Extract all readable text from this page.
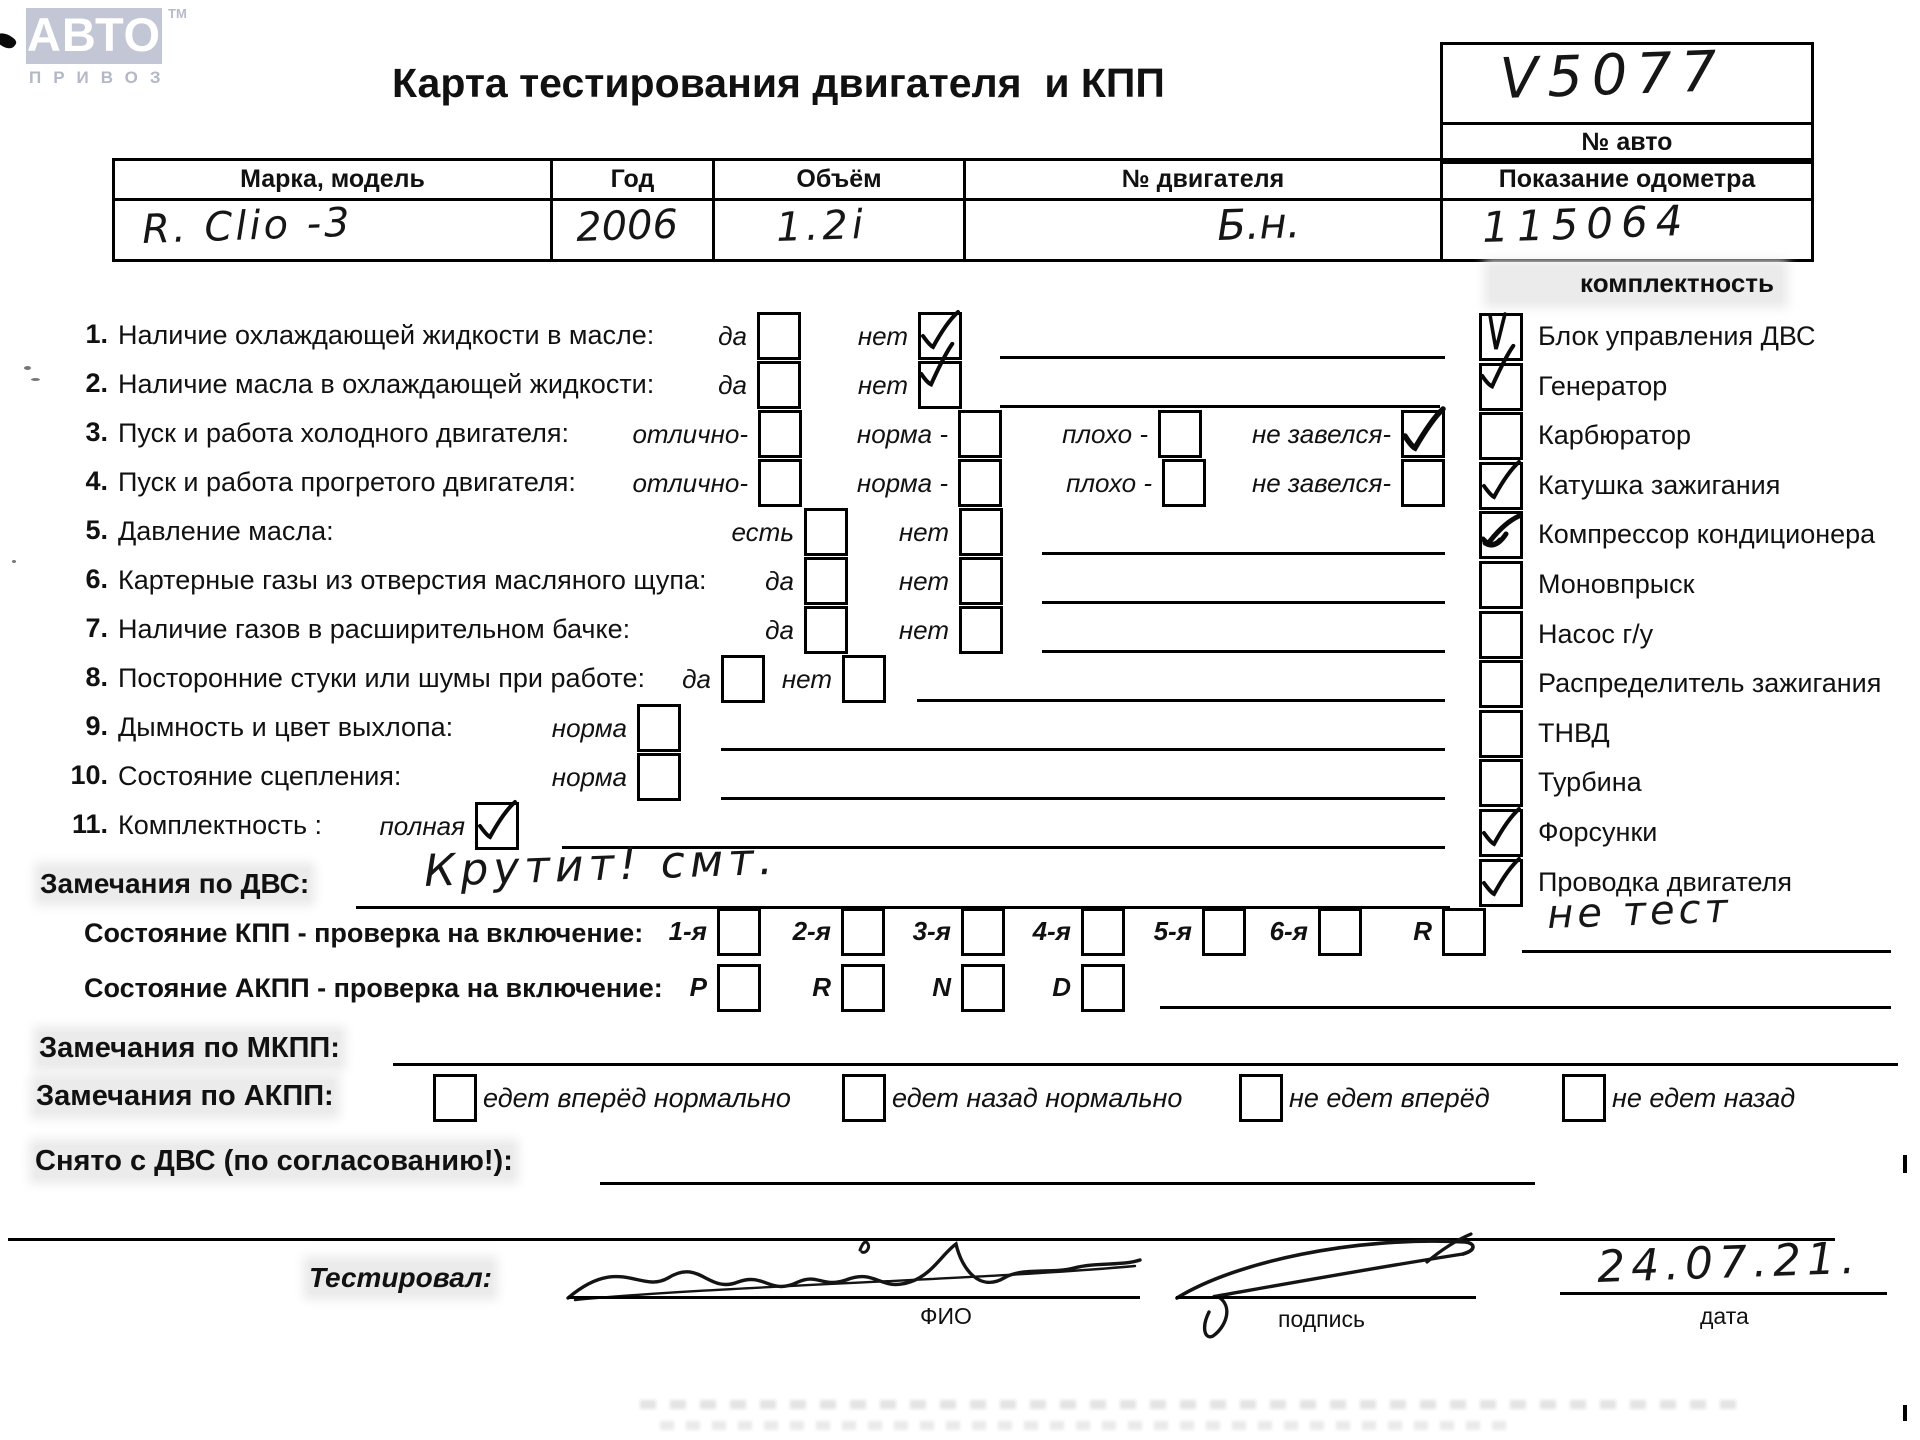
АВТО TM
ПРИВОЗ	Карта тестирования двигателя  и КПП	V5077
№ авто
Марка, модель	Год	Объём	№ двигателя	Показание одометра
R. Clio -3	2006 1.2i	Б.н.	115064
комплектность
1. Наличие охлаждающей жидкости в масле: да	нет
2. Наличие масла в охлаждающей жидкости: да	нет
3. Пуск и работа холодного двигателя: отлично-	норма -	плохо -	не завелся-
4. Пуск и работа прогретого двигателя: отлично-	норма -	плохо -	не завелся-
5. Давление масла:	есть	нет
6. Картерные газы из отверстия масляного щупа: да	нет
7. Наличие газов в расширительном бачке:	да	нет
8. Посторонние стуки или шумы при работе: да	нет
9. Дымность и цвет выхлопа:	норма
10. Состояние сцепления:	норма
11. Комплектность : полная
Блок управления ДВС
Генератор
Карбюратор
Катушка зажигания
Компрессор кондиционера
Моновпрыск
Насос г/у
Распределитель зажигания
ТНВД
Турбина
Форсунки
Проводка двигателя
Замечания по ДВС:	Крутит! смт.
Состояние КПП - проверка на включение: 1-я	2-я	3-я	4-я	5-я	6-я	R	не тест
Состояние АКПП - проверка на включение: P	R	N	D
Замечания по МКПП:
Замечания по АКПП:	едет вперёд нормально	едет назад нормально	не едет вперёд	не едет назад
Снято с ДВС (по согласованию!):
Тестировал:
ФИО	подпись
24.07.21.
дата
